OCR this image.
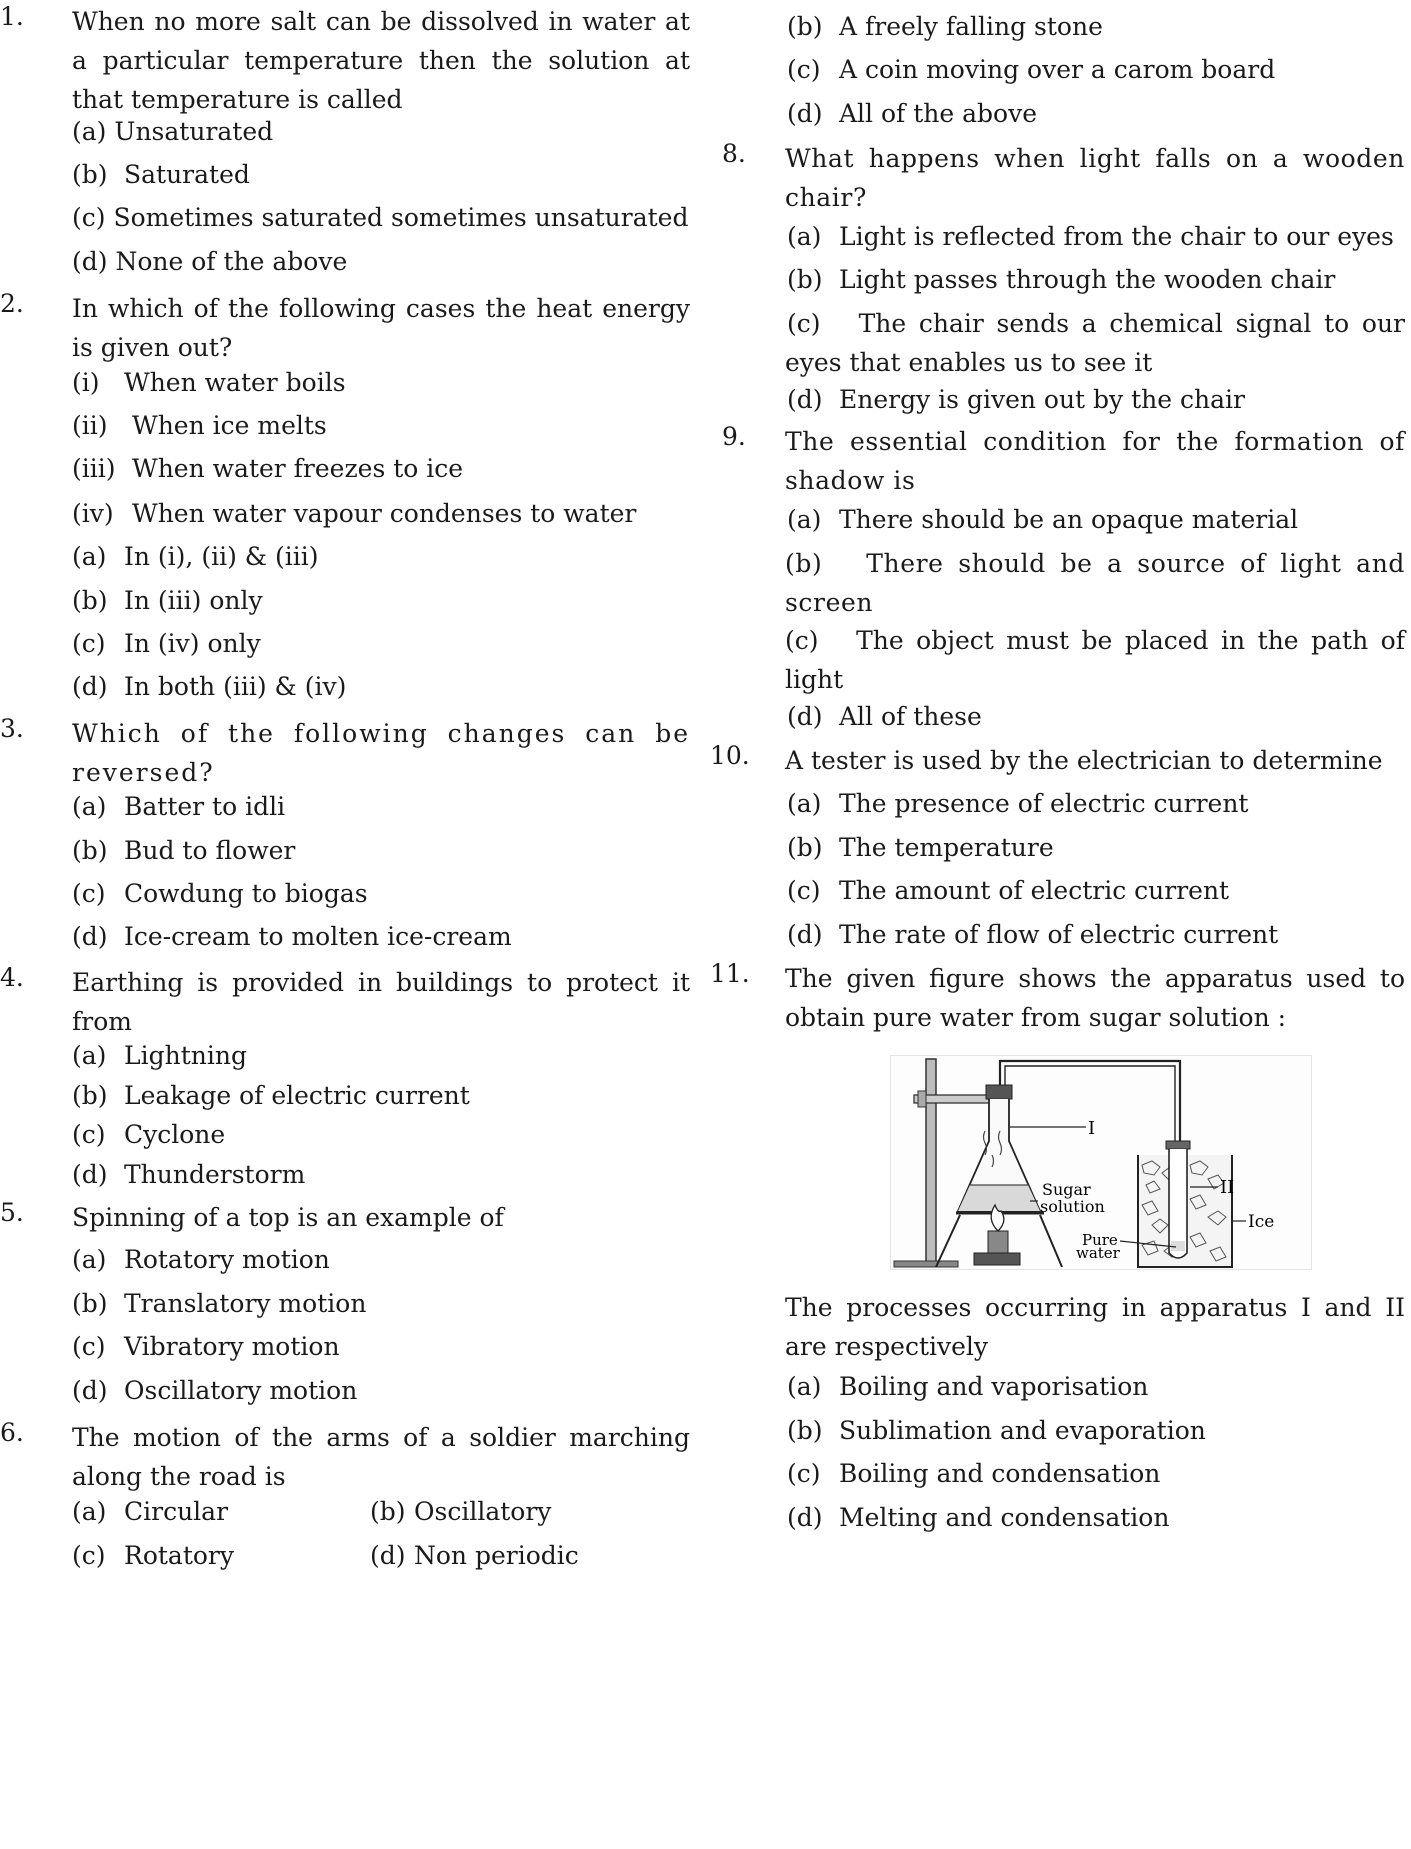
1. When no more salt can be dissolved in water at a particular temperature then the solution at that temperature is called
(a) Unsaturated
(b) Saturated
(c) Sometimes saturated sometimes unsaturated
(d) None of the above
2. In which of the following cases the heat energy is given out?
(i) When water boils
(ii) When ice melts
(iii) When water freezes to ice
(iv) When water vapour condenses to water
(a) In (i), (ii) & (iii)
(b) In (iii) only
(c) In (iv) only
(d) In both (iii) & (iv)
3. Which of the following changes can be reversed?
(a) Batter to idli
(b) Bud to flower
(c) Cowdung to biogas
(d) Ice-cream to molten ice-cream
4. Earthing is provided in buildings to protect it from
(a) Lightning
(b) Leakage of electric current
(c) Cyclone
(d) Thunderstorm
5. Spinning of a top is an example of
(a) Rotatory motion
(b) Translatory motion
(c) Vibratory motion
(d) Oscillatory motion
6. The motion of the arms of a soldier marching along the road is
(a) Circular	(b) Oscillatory
(c) Rotatory	(d) Non periodic
(b) A freely falling stone
(c) A coin moving over a carom board
(d) All of the above
8. What happens when light falls on a wooden chair?
(a) Light is reflected from the chair to our eyes
(b) Light passes through the wooden chair
(c) The chair sends a chemical signal to our eyes that enables us to see it
(d) Energy is given out by the chair
9. The essential condition for the formation of shadow is
(a) There should be an opaque material
(b) There should be a source of light and screen
(c) The object must be placed in the path of light
(d) All of these
10. A tester is used by the electrician to determine
(a) The presence of electric current
(b) The temperature
(c) The amount of electric current
(d) The rate of flow of electric current
11. The given figure shows the apparatus used to obtain pure water from sugar solution :
I
Sugar
solution
II
Ice
Pure
water
The processes occurring in apparatus I and II are respectively
(a) Boiling and vaporisation
(b) Sublimation and evaporation
(c) Boiling and condensation
(d) Melting and condensation
